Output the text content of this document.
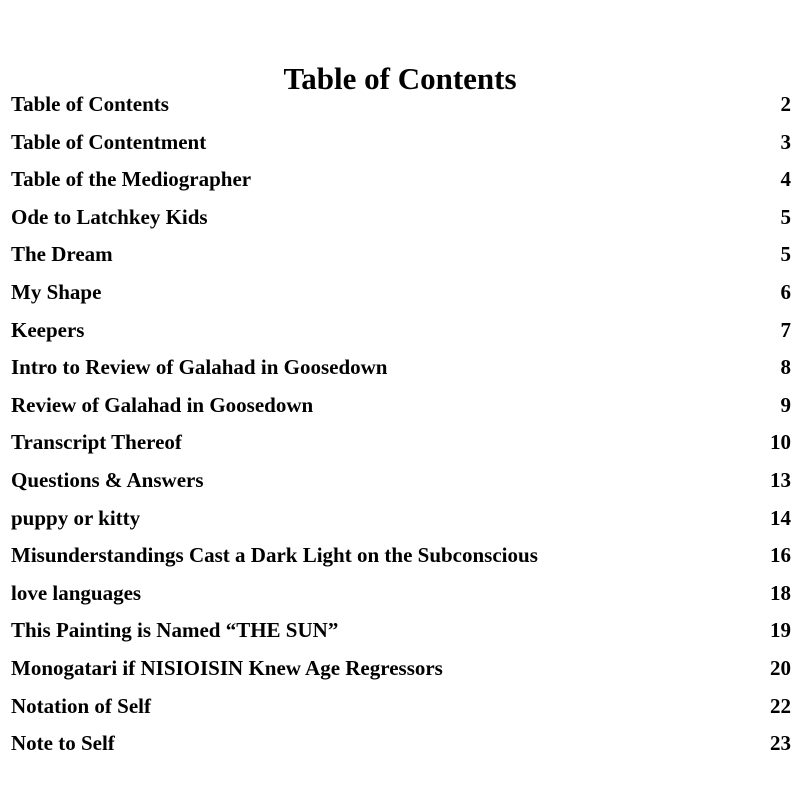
Table of Contents
Table of Contents	2
Table of Contentment	3
Table of the Mediographer	4
Ode to Latchkey Kids	5
The Dream	5
My Shape	6
Keepers	7
Intro to Review of Galahad in Goosedown	8
Review of Galahad in Goosedown	9
Transcript Thereof	10
Questions & Answers	13
puppy or kitty	14
Misunderstandings Cast a Dark Light on the Subconscious	16
love languages	18
This Painting is Named “THE SUN”	19
Monogatari if NISIOISIN Knew Age Regressors	20
Notation of Self	22
Note to Self	23
